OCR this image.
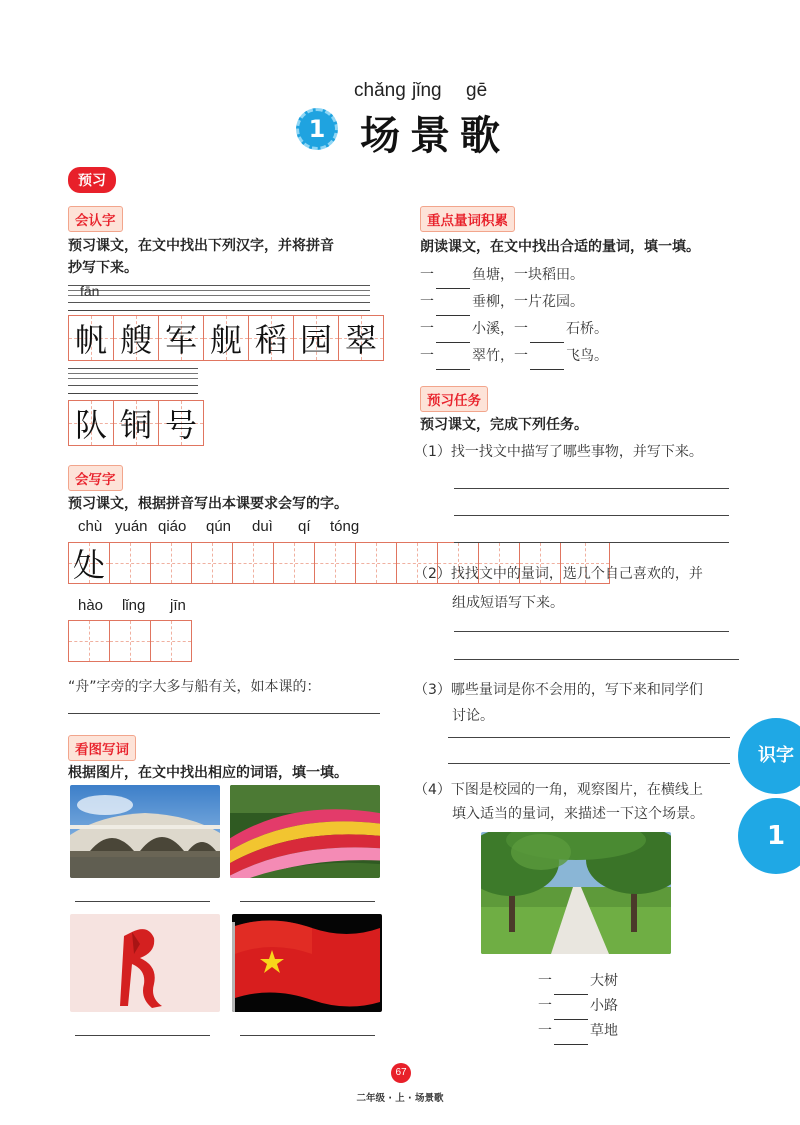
chǎng jǐng gē
1 场景歌
预习
会认字
预习课文，在文中找出下列汉字，并将拼音
抄写下来。
fān
帆 艘 军 舰 稻 园 翠
队 铜 号
会写字
预习课文，根据拼音写出本课要求会写的字。
chù yuán qiáo qún duì qí tóng
处
hào lǐng jīn
“舟”字旁的字大多与船有关，如本课的：
看图写词
根据图片，在文中找出相应的词语，填一填。
重点量词积累
朗读课文，在文中找出合适的量词，填一填。
一	鱼塘，一块稻田。
一	垂柳，一片花园。
一	小溪，一	石桥。
一	翠竹，一	飞鸟。
预习任务
预习课文，完成下列任务。
（1）找一找文中描写了哪些事物，并写下来。
（2）找找文中的量词，选几个自己喜欢的，并
组成短语写下来。
（3）哪些量词是你不会用的，写下来和同学们
讨论。
（4）下图是校园的一角，观察图片，在横线上
填入适当的量词，来描述一下这个场景。
一	大树
一	小路
一	草地
识字
1
67
二年级 · 上 · 场景歌
